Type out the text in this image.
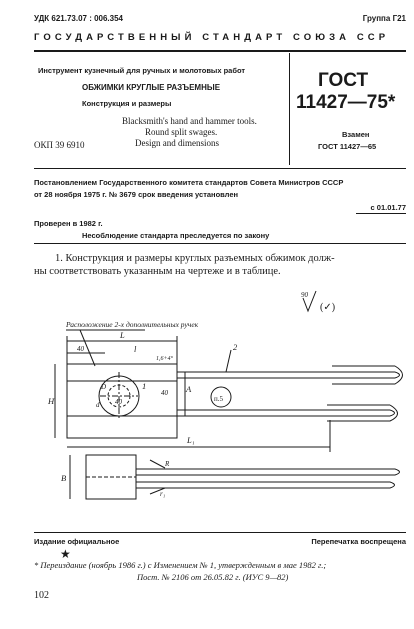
УДК 621.73.07 : 006.354	Группа Г21
ГОСУДАРСТВЕННЫЙ СТАНДАРТ СОЮЗА ССР
Инструмент кузнечный для ручных и молотовых работ
ОБЖИМКИ КРУГЛЫЕ РАЗЪЕМНЫЕ
Конструкция и размеры
Blacksmith's hand and hammer tools.
Round split swages.
Design and dimensions
ОКП 39 6910
ГОСТ
11427—75*
Взамен
ГОСТ 11427—65
Постановлением Государственного комитета стандартов Совета Министров СССР
от 28 ноября 1975 г. № 3679 срок введения установлен
с 01.01.77
Проверен в 1982 г.
Несоблюдение стандарта преследуется по закону
1. Конструкция и размеры круглых разъемных обжимок долж-
ны соответствовать указанным на чертеже и в таблице.
90
(✓)
Расположение 2-х дополнительных ручек
L
l
40
1,6+4°
D
40
d
40 A
H	п.5
2
1
L₁
B
R
r₁
Издание официальное	Перепечатка воспрещена
★
* Переиздание (ноябрь 1986 г.) с Изменением № 1, утвержденным в мае 1982 г.;
Пост. № 2106 от 26.05.82 г. (ИУС 9—82)
102
